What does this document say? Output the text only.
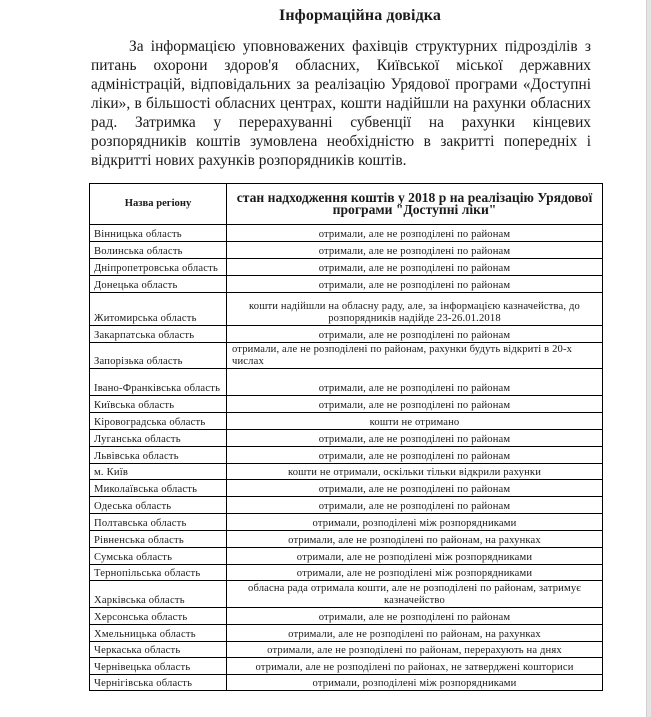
Інформаційна довідка

За інформацією уповноважених фахівців структурних підрозділів з питань охорони здоров'я обласних, Київської міської державних адміністрацій, відповідальних за реалізацію Урядової програми «Доступні ліки», в більшості обласних центрах, кошти надійшли на рахунки обласних рад. Затримка у перерахуванні субвенції на рахунки кінцевих розпорядників коштів зумовлена необхідністю в закритті попередніх і відкритті нових рахунків розпорядників коштів.

Назва регіону	стан надходження коштів у 2018 р на реалізацію Урядової програми "Доступні ліки"
Вінницька область	отримали, але не розподілені по районам
Волинська область	отримали, але не розподілені по районам
Дніпропетровська область	отримали, але не розподілені по районам
Донецька область	отримали, але не розподілені по районам
Житомирська область	кошти надійшли на обласну раду, але, за інформацією казначейства, до розпорядників надійде 23-26.01.2018
Закарпатська область	отримали, але не розподілені по районам
Запорізька область	отримали, але не розподілені по районам, рахунки будуть відкриті в 20-х числах
Івано-Франківська область	отримали, але не розподілені по районам
Київська область	отримали, але не розподілені по районам
Кіровоградська область	кошти не отримано
Луганська область	отримали, але не розподілені по районам
Львівська область	отримали, але не розподілені по районам
м. Київ	кошти не отримали, оскільки тільки відкрили рахунки
Миколаївська область	отримали, але не розподілені по районам
Одеська область	отримали, але не розподілені по районам
Полтавська область	отримали, розподілені між розпорядниками
Рівненська область	отримали, але не розподілені по районам, на рахунках
Сумська область	отримали, але не розподілені між розпорядниками
Тернопільська область	отримали, але не розподілені між розпорядниками
Харківська область	обласна рада отримала кошти, але не розподілені по районам, затримує казначейство
Херсонська область	отримали, але не розподілені по районам
Хмельницька область	отримали, але не розподілені по районам, на рахунках
Черкаська область	отримали, але не розподілені по районам, перерахують на днях
Чернівецька область	отримали, але не розподілені по районах, не затверджені кошториси
Чернігівська область	отримали, розподілені між розпорядниками
